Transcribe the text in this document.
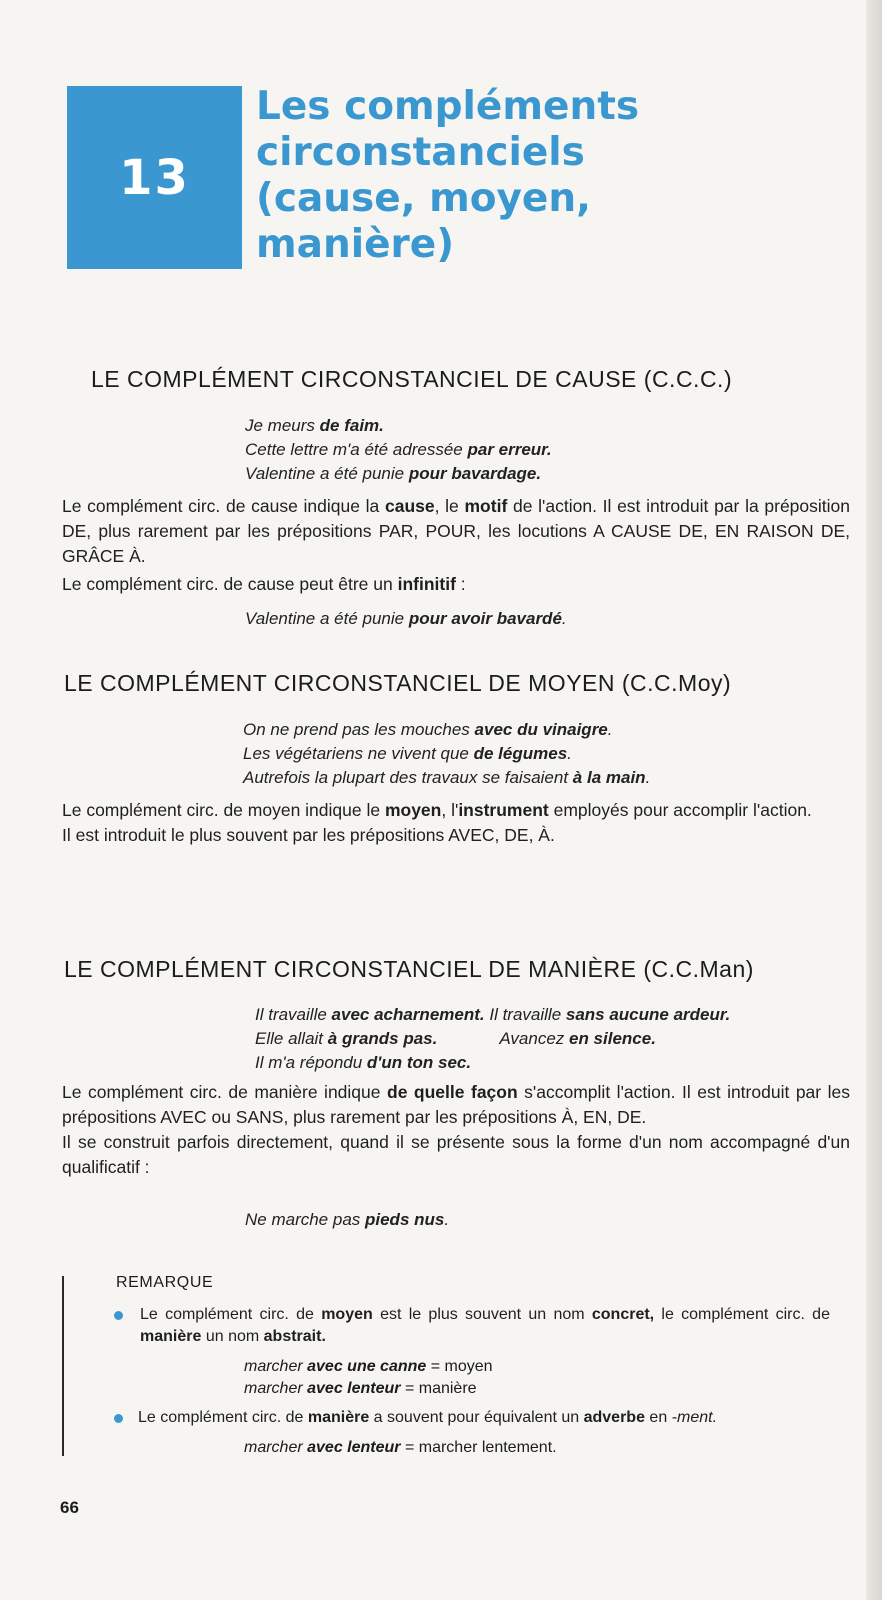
13
Les compléments
circonstanciels
(cause, moyen,
manière)
LE COMPLÉMENT CIRCONSTANCIEL DE CAUSE (C.C.C.)
Je meurs de faim.
Cette lettre m'a été adressée par erreur.
Valentine a été punie pour bavardage.

Le complément circ. de cause indique la cause, le motif de l'action. Il est introduit par la préposition DE, plus rarement par les prépositions PAR, POUR, les locutions A CAUSE DE, EN RAISON DE, GRÂCE À.

Le complément circ. de cause peut être un infinitif :

Valentine a été punie pour avoir bavardé.
LE COMPLÉMENT CIRCONSTANCIEL DE MOYEN (C.C.Moy)
On ne prend pas les mouches avec du vinaigre.
Les végétariens ne vivent que de légumes.
Autrefois la plupart des travaux se faisaient à la main.

Le complément circ. de moyen indique le moyen, l'instrument employés pour accomplir l'action.

Il est introduit le plus souvent par les prépositions AVEC, DE, À.

LE COMPLÉMENT CIRCONSTANCIEL DE MANIÈRE (C.C.Man)
Il travaille avec acharnement. Il travaille sans aucune ardeur.
Elle allait à grands pas.	Avancez en silence.
Il m'a répondu d'un ton sec.

Le complément circ. de manière indique de quelle façon s'accomplit l'action. Il est introduit par les prépositions AVEC ou SANS, plus rarement par les prépositions À, EN, DE.

Il se construit parfois directement, quand il se présente sous la forme d'un nom accompagné d'un qualificatif :

Ne marche pas pieds nus.
REMARQUE
Le complément circ. de moyen est le plus souvent un nom concret, le complément circ. de manière un nom abstrait.
marcher avec une canne = moyen
marcher avec lenteur = manière
Le complément circ. de manière a souvent pour équivalent un adverbe en -ment.
marcher avec lenteur = marcher lentement.
66
